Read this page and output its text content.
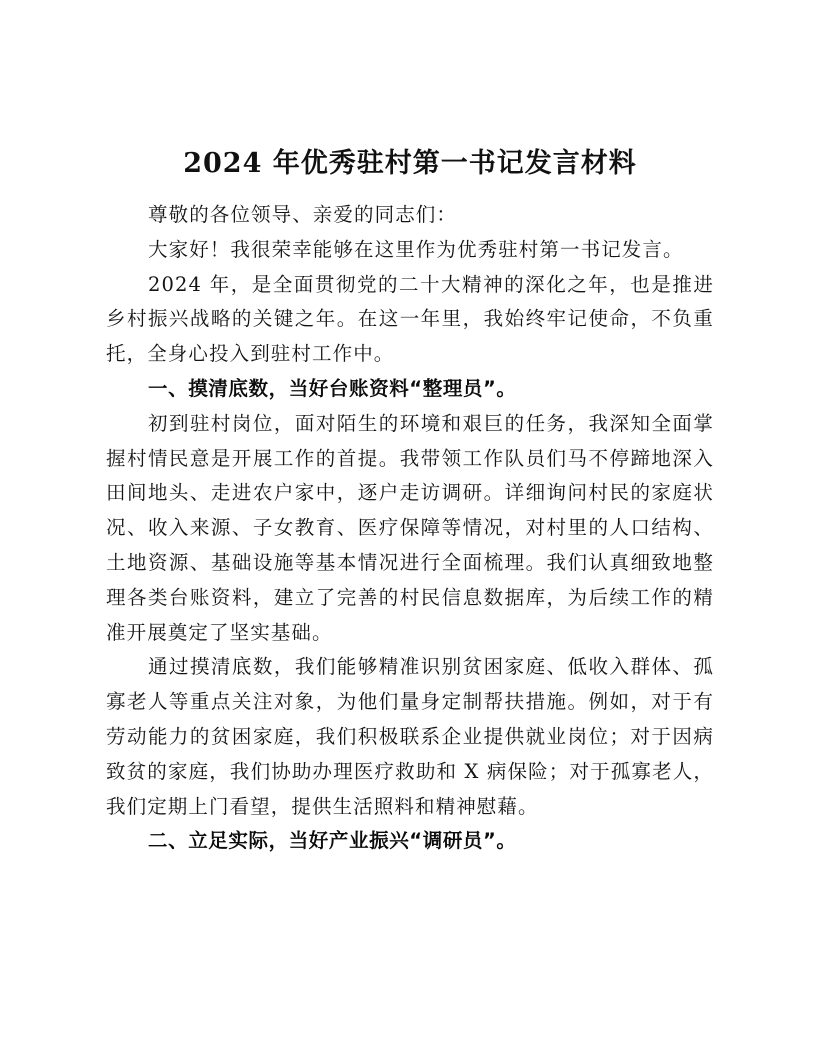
2024 年优秀驻村第一书记发言材料

尊敬的各位领导、亲爱的同志们：

大家好！我很荣幸能够在这里作为优秀驻村第一书记发言。

2024 年，是全面贯彻党的二十大精神的深化之年，也是推进乡村振兴战略的关键之年。在这一年里，我始终牢记使命，不负重托，全身心投入到驻村工作中。

一、摸清底数，当好台账资料“整理员”。

初到驻村岗位，面对陌生的环境和艰巨的任务，我深知全面掌握村情民意是开展工作的首提。我带领工作队员们马不停蹄地深入田间地头、走进农户家中，逐户走访调研。详细询问村民的家庭状况、收入来源、子女教育、医疗保障等情况，对村里的人口结构、土地资源、基础设施等基本情况进行全面梳理。我们认真细致地整理各类台账资料，建立了完善的村民信息数据库，为后续工作的精准开展奠定了坚实基础。

通过摸清底数，我们能够精准识别贫困家庭、低收入群体、孤寡老人等重点关注对象，为他们量身定制帮扶措施。例如，对于有劳动能力的贫困家庭，我们积极联系企业提供就业岗位；对于因病致贫的家庭，我们协助办理医疗救助和 X 病保险；对于孤寡老人，我们定期上门看望，提供生活照料和精神慰藉。

二、立足实际，当好产业振兴“调研员”。
